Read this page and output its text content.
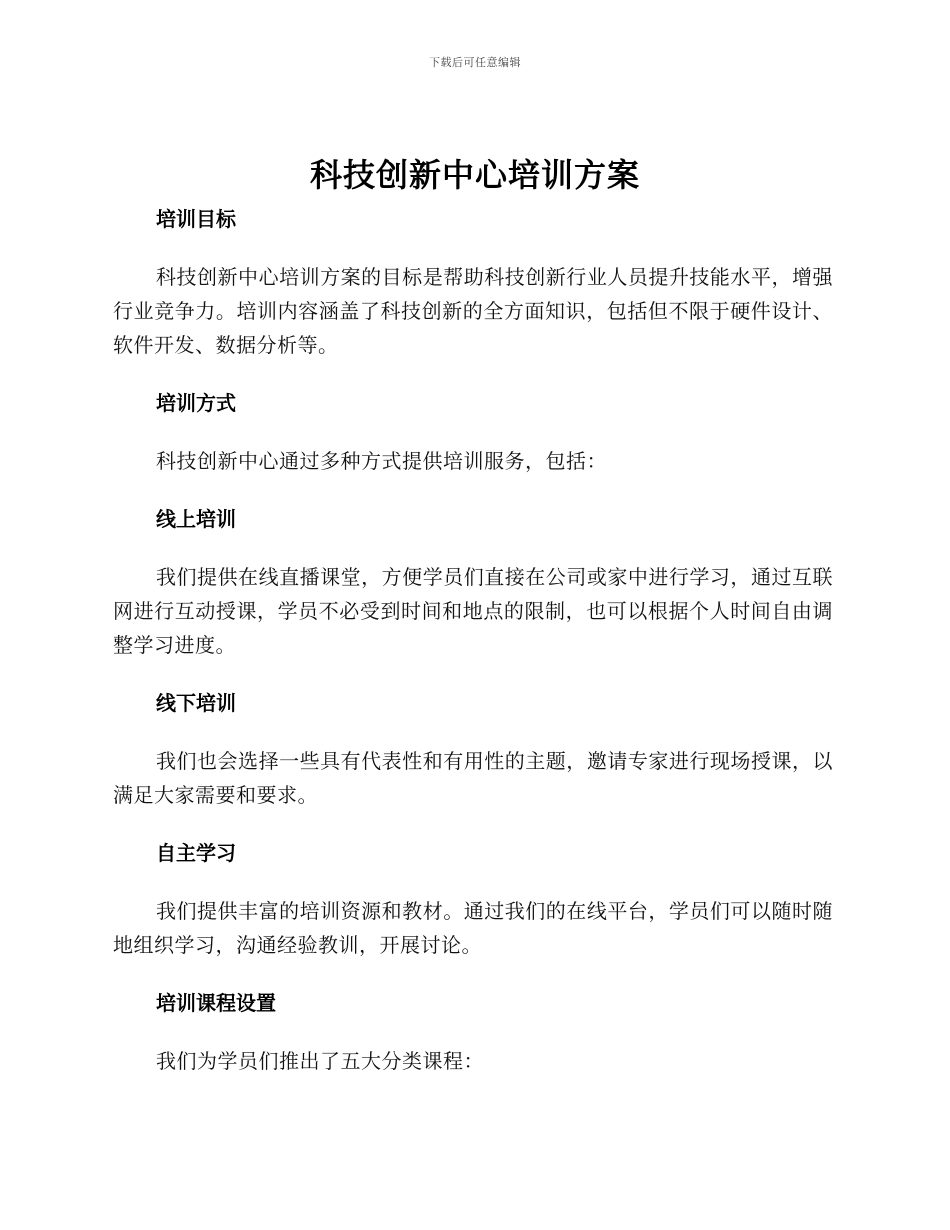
下载后可任意编辑
科技创新中心培训方案
培训目标

科技创新中心培训方案的目标是帮助科技创新行业人员提升技能水平，增强行业竞争力。培训内容涵盖了科技创新的全方面知识，包括但不限于硬件设计、软件开发、数据分析等。

培训方式

科技创新中心通过多种方式提供培训服务，包括：

线上培训

我们提供在线直播课堂，方便学员们直接在公司或家中进行学习，通过互联网进行互动授课，学员不必受到时间和地点的限制，也可以根据个人时间自由调整学习进度。

线下培训

我们也会选择一些具有代表性和有用性的主题，邀请专家进行现场授课，以满足大家需要和要求。

自主学习

我们提供丰富的培训资源和教材。通过我们的在线平台，学员们可以随时随地组织学习，沟通经验教训，开展讨论。

培训课程设置

我们为学员们推出了五大分类课程：
